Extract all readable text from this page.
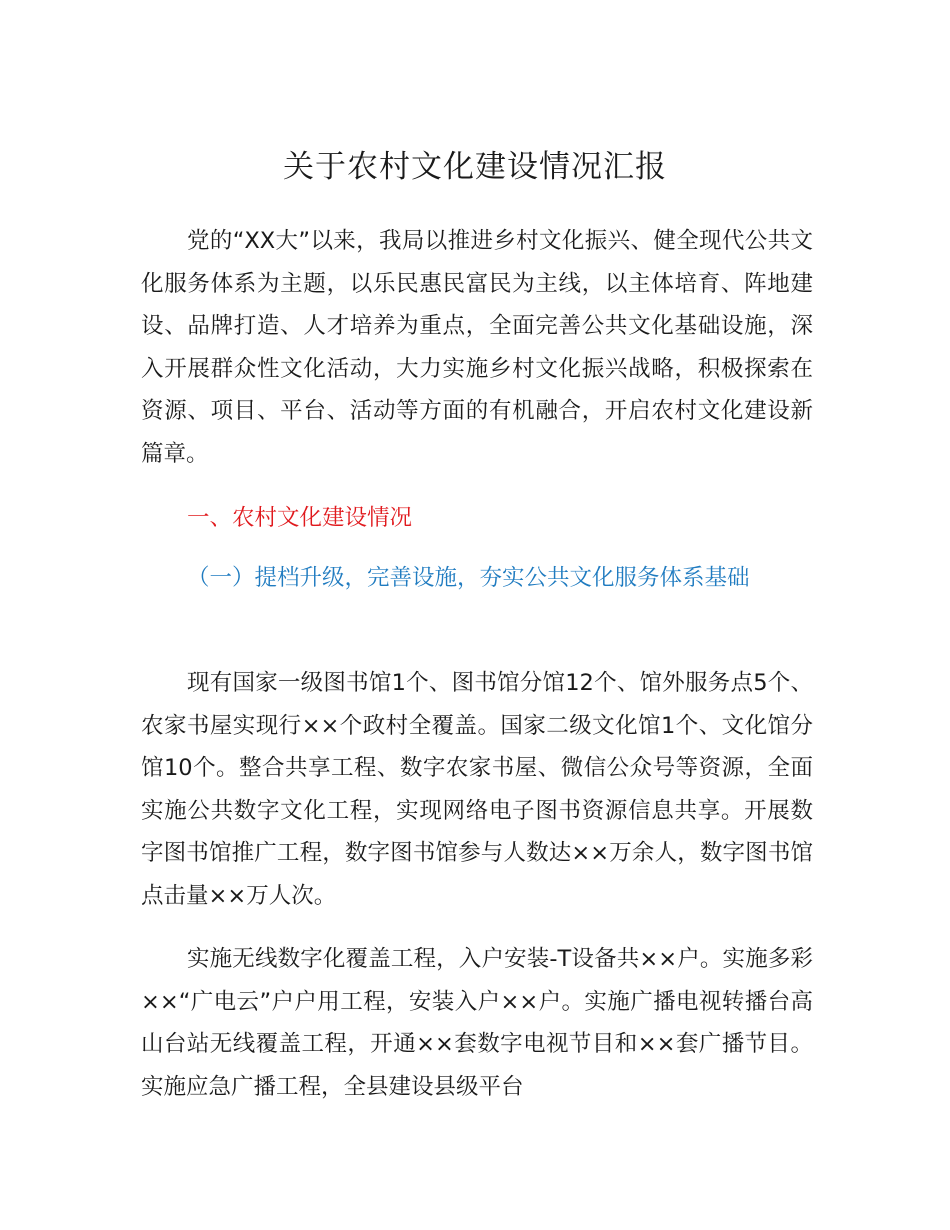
关于农村文化建设情况汇报

党的“XX大”以来，我局以推进乡村文化振兴、健全现代公共文化服务体系为主题，以乐民惠民富民为主线，以主体培育、阵地建设、品牌打造、人才培养为重点，全面完善公共文化基础设施，深入开展群众性文化活动，大力实施乡村文化振兴战略，积极探索在资源、项目、平台、活动等方面的有机融合，开启农村文化建设新篇章。

一、农村文化建设情况

（一）提档升级，完善设施，夯实公共文化服务体系基础

现有国家一级图书馆1个、图书馆分馆12个、馆外服务点5个、农家书屋实现行××个政村全覆盖。国家二级文化馆1个、文化馆分馆10个。整合共享工程、数字农家书屋、微信公众号等资源，全面实施公共数字文化工程，实现网络电子图书资源信息共享。开展数字图书馆推广工程，数字图书馆参与人数达××万余人，数字图书馆点击量××万人次。

实施无线数字化覆盖工程，入户安装-T设备共××户。实施多彩××“广电云”户户用工程，安装入户××户。实施广播电视转播台高山台站无线覆盖工程，开通××套数字电视节目和××套广播节目。实施应急广播工程，全县建设县级平台
